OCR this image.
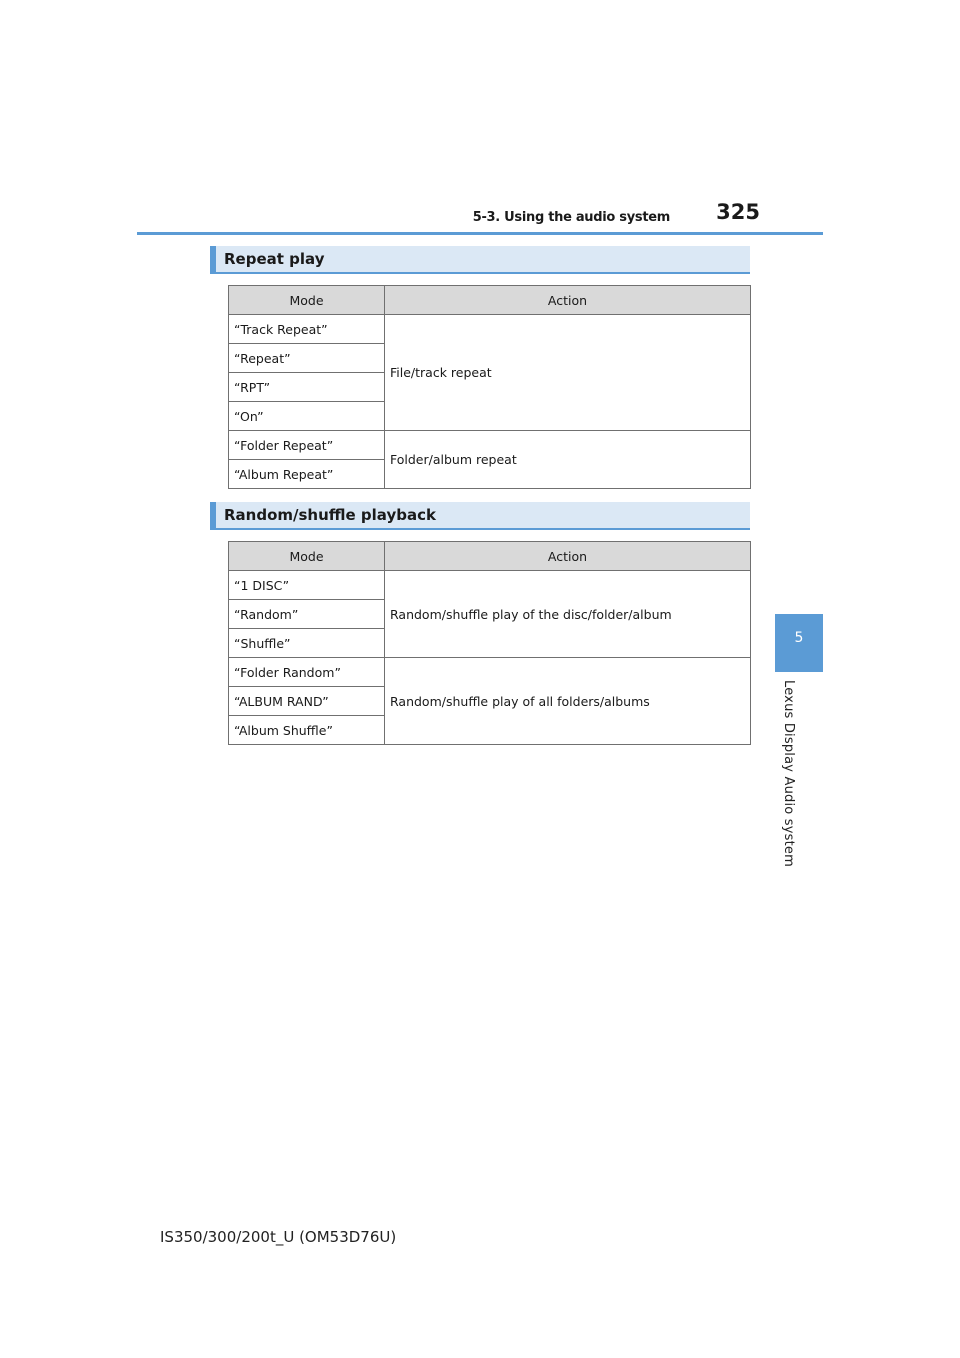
5-3. Using the audio system	325
5
Lexus Display Audio system
Repeat play
Mode	Action
“Track Repeat”	File/track repeat
“Repeat”	
“RPT”	
“On”	
“Folder Repeat”	Folder/album repeat
“Album Repeat”	
Random/shuffle playback
Mode	Action
“1 DISC”	Random/shuffle play of the disc/folder/album
“Random”	
“Shuffle”	
“Folder Random”	Random/shuffle play of all folders/albums
“ALBUM RAND”	
“Album Shuffle”	
IS350/300/200t_U (OM53D76U)
